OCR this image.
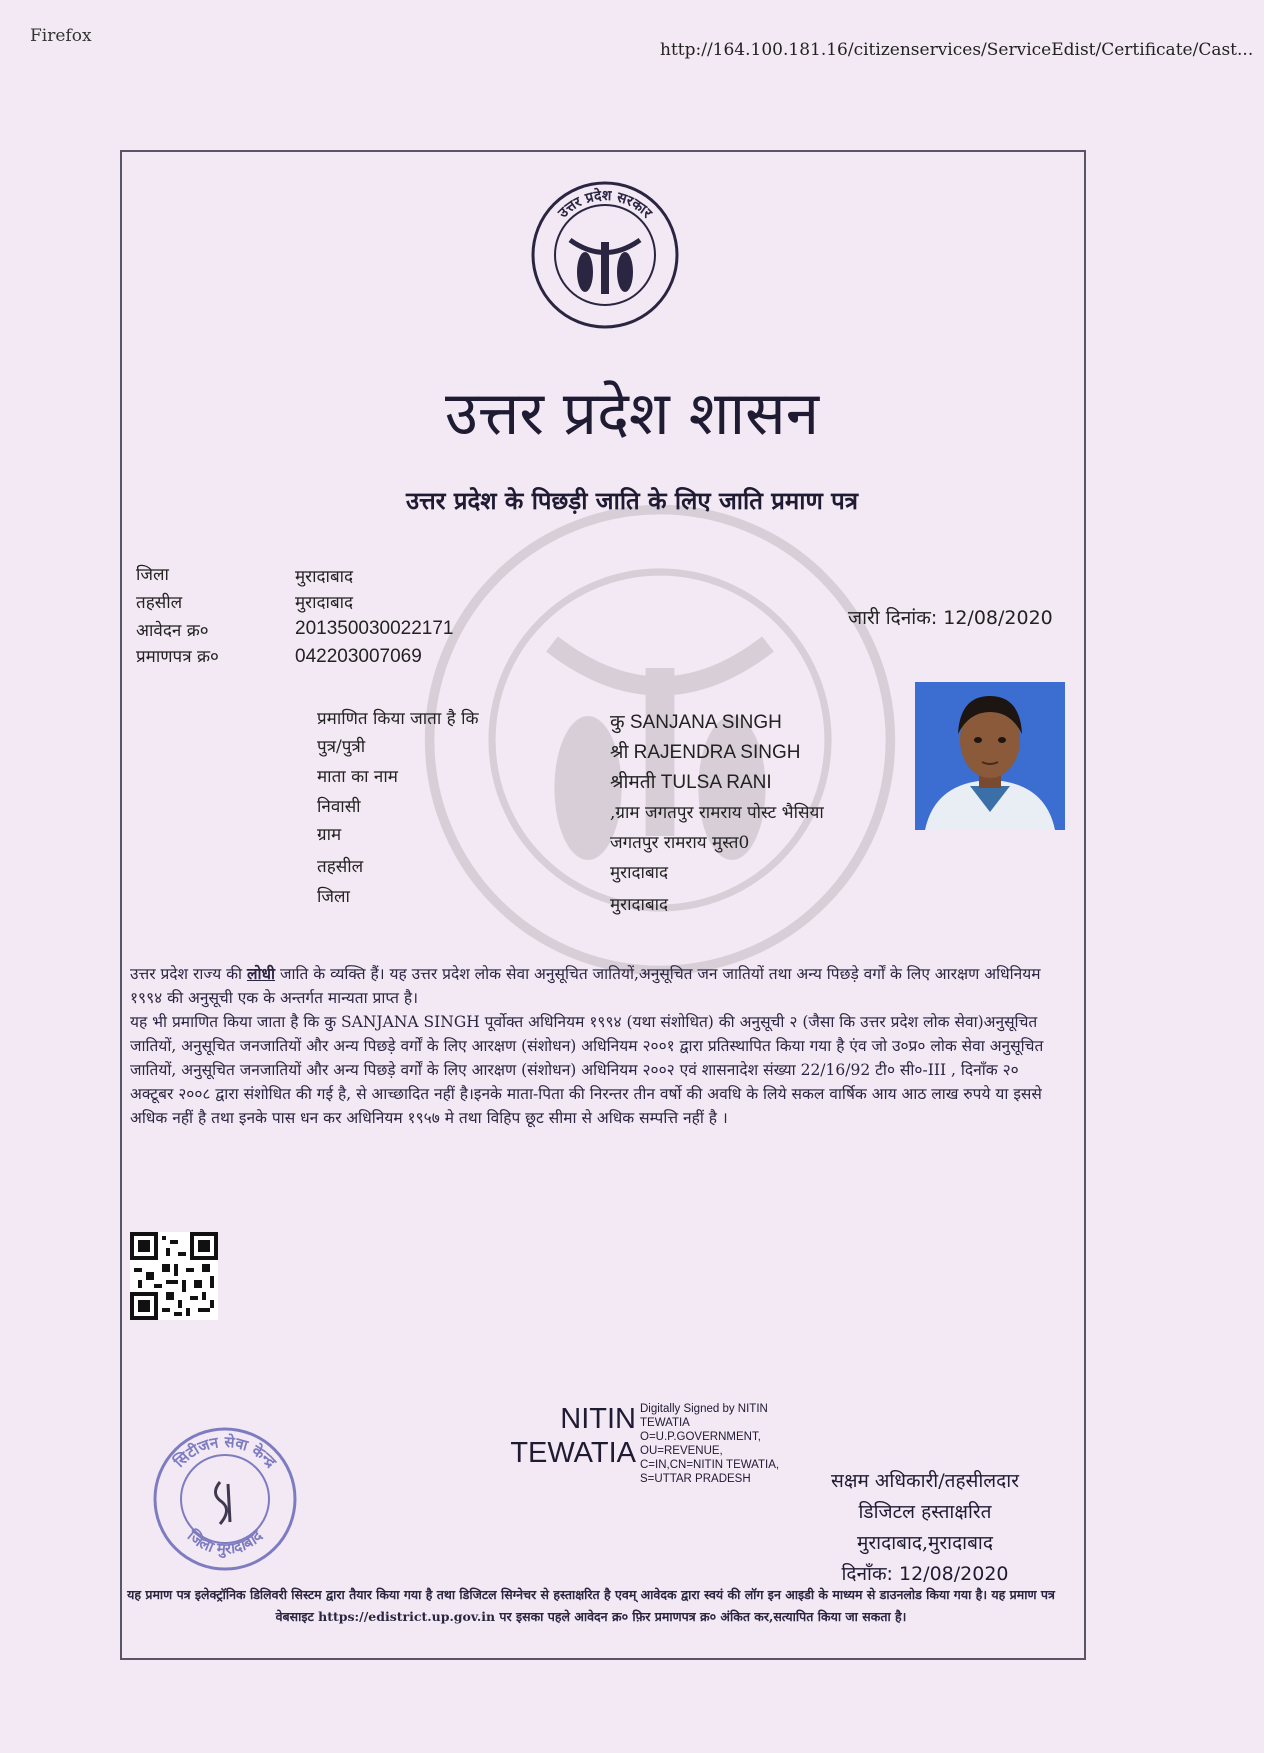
Firefox
http://164.100.181.16/citizenservices/ServiceEdist/Certificate/Cast...
उत्तर प्रदेश सरकार
उत्तर प्रदेश शासन
उत्तर प्रदेश के पिछड़ी जाति के लिए जाति प्रमाण पत्र
जिला	मुरादाबाद
तहसील	मुरादाबाद
आवेदन क्र०	201350030022171
प्रमाणपत्र क्र०	042203007069
जारी दिनांक: 12/08/2020
प्रमाणित किया जाता है कि	कु SANJANA SINGH
पुत्र/पुत्री	श्री RAJENDRA SINGH
माता का नाम	श्रीमती TULSA RANI
निवासी	,ग्राम जगतपुर रामराय पोस्ट भैसिया
ग्राम	जगतपुर रामराय मुस्त0
तहसील	मुरादाबाद
जिला	मुरादाबाद

उत्तर प्रदेश राज्य की लोधी जाति के व्यक्ति हैं। यह उत्तर प्रदेश लोक सेवा अनुसूचित जातियों,अनुसूचित जन जातियों तथा अन्य पिछड़े वर्गों के लिए आरक्षण अधिनियम १९९४ की अनुसूची एक के अन्तर्गत मान्यता प्राप्त है।

यह भी प्रमाणित किया जाता है कि कु SANJANA SINGH पूर्वोक्त अधिनियम १९९४ (यथा संशोधित) की अनुसूची २ (जैसा कि उत्तर प्रदेश लोक सेवा)अनुसूचित जातियों, अनुसूचित जनजातियों और अन्य पिछड़े वर्गों के लिए आरक्षण (संशोधन) अधिनियम २००१ द्वारा प्रतिस्थापित किया गया है एंव जो उ०प्र० लोक सेवा अनुसूचित जातियों, अनुसूचित जनजातियों और अन्य पिछड़े वर्गों के लिए आरक्षण (संशोधन) अधिनियम २००२ एवं शासनादेश संख्या 22/16/92 टी० सी०-III , दिनाँक २० अक्टूबर २००८ द्वारा संशोधित की गई है, से आच्छादित नहीं है।इनके माता-पिता की निरन्तर तीन वर्षो की अवधि के लिये सकल वार्षिक आय आठ लाख रुपये या इससे अधिक नहीं है तथा इनके पास धन कर अधिनियम १९५७ मे तथा विहिप छूट सीमा से अधिक सम्पत्ति नहीं है ।

सिटीजन सेवा केन्द्र
जिला मुरादाबाद
NITIN
TEWATIA
Digitally Signed by NITIN TEWATIA O=U.P.GOVERNMENT, OU=REVENUE, C=IN,CN=NITIN TEWATIA, S=UTTAR PRADESH	सक्षम अधिकारी/तहसीलदार
डिजिटल हस्ताक्षरित
मुरादाबाद,मुरादाबाद
दिनाँक: 12/08/2020
यह प्रमाण पत्र इलेक्ट्रॉनिक डिलिवरी सिस्टम द्वारा तैयार किया गया है तथा डिजिटल सिग्नेचर से हस्ताक्षरित है एवम् आवेदक द्वारा स्वयं की लॉग इन आइडी के माध्यम से डाउनलोड किया गया है। यह प्रमाण पत्र वेबसाइट https://edistrict.up.gov.in पर इसका पहले आवेदन क्र० फ़िर प्रमाणपत्र क्र० अंकित कर,सत्यापित किया जा सकता है।
